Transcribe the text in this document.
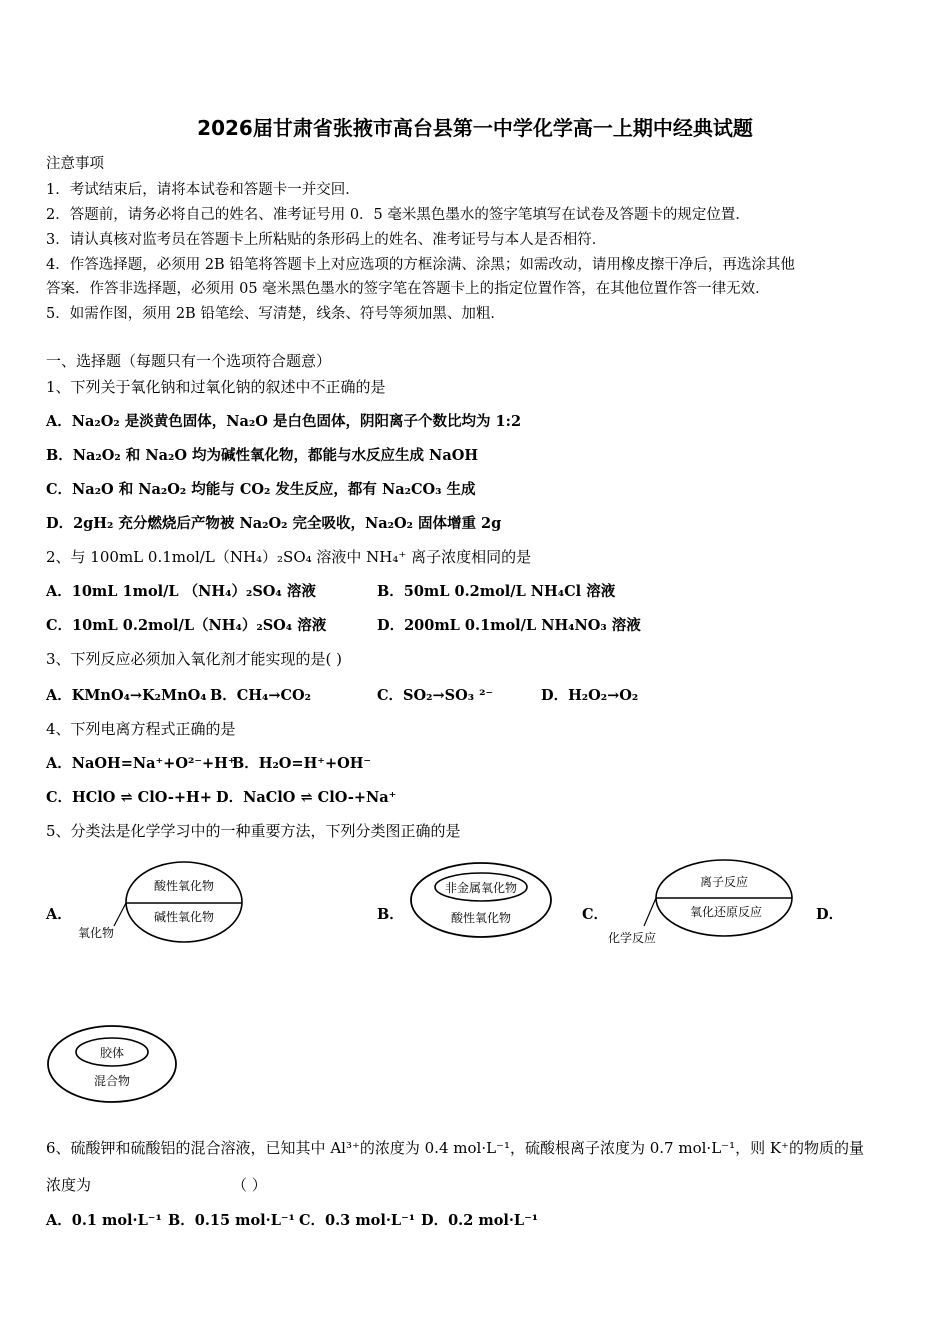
2026届甘肃省张掖市高台县第一中学化学高一上期中经典试题
注意事项
1．考试结束后，请将本试卷和答题卡一并交回．
2．答题前，请务必将自己的姓名、准考证号用 0．5 毫米黑色墨水的签字笔填写在试卷及答题卡的规定位置．
3．请认真核对监考员在答题卡上所粘贴的条形码上的姓名、准考证号与本人是否相符．
4．作答选择题，必须用 2B 铅笔将答题卡上对应选项的方框涂满、涂黑；如需改动，请用橡皮擦干净后，再选涂其他
答案．作答非选择题，必须用 05 毫米黑色墨水的签字笔在答题卡上的指定位置作答，在其他位置作答一律无效．
5．如需作图，须用 2B 铅笔绘、写清楚，线条、符号等须加黑、加粗．
一、选择题（每题只有一个选项符合题意）
1、下列关于氧化钠和过氧化钠的叙述中不正确的是
A．Na₂O₂ 是淡黄色固体，Na₂O 是白色固体，阴阳离子个数比均为 1:2
B．Na₂O₂ 和 Na₂O 均为碱性氧化物，都能与水反应生成 NaOH
C．Na₂O 和 Na₂O₂ 均能与 CO₂ 发生反应，都有 Na₂CO₃ 生成
D．2gH₂ 充分燃烧后产物被 Na₂O₂ 完全吸收，Na₂O₂ 固体增重 2g
2、与 100mL 0.1mol/L（NH₄）₂SO₄ 溶液中 NH₄⁺ 离子浓度相同的是
A．10mL 1mol/L （NH₄）₂SO₄ 溶液	B．50mL 0.2mol/L NH₄Cl 溶液
C．10mL 0.2mol/L（NH₄）₂SO₄ 溶液	D．200mL 0.1mol/L NH₄NO₃ 溶液
3、下列反应必须加入氧化剂才能实现的是( )
A．KMnO₄→K₂MnO₄ B．CH₄→CO₂	C．SO₂→SO₃ ²⁻	D．H₂O₂→O₂
4、下列电离方程式正确的是
A．NaOH=Na⁺+O²⁻+H⁺
B．H₂O=H⁺+OH⁻
C．HClO ⇌ ClO-+H+ D．NaClO ⇌ ClO-+Na⁺
5、分类法是化学学习中的一种重要方法，下列分类图正确的是
A．
酸性氧化物
碱性氧化物
氧化物
B．
非金属氧化物
酸性氧化物	C．
离子反应
氧化还原反应
化学反应
D．
胶体
混合物
6、硫酸钾和硫酸铝的混合溶液，已知其中 Al³⁺的浓度为 0.4 mol·L⁻¹，硫酸根离子浓度为 0.7 mol·L⁻¹，则 K⁺的物质的量
浓度为	（ ）
A．0.1 mol·L⁻¹ B．0.15 mol·L⁻¹ C．0.3 mol·L⁻¹ D．0.2 mol·L⁻¹
